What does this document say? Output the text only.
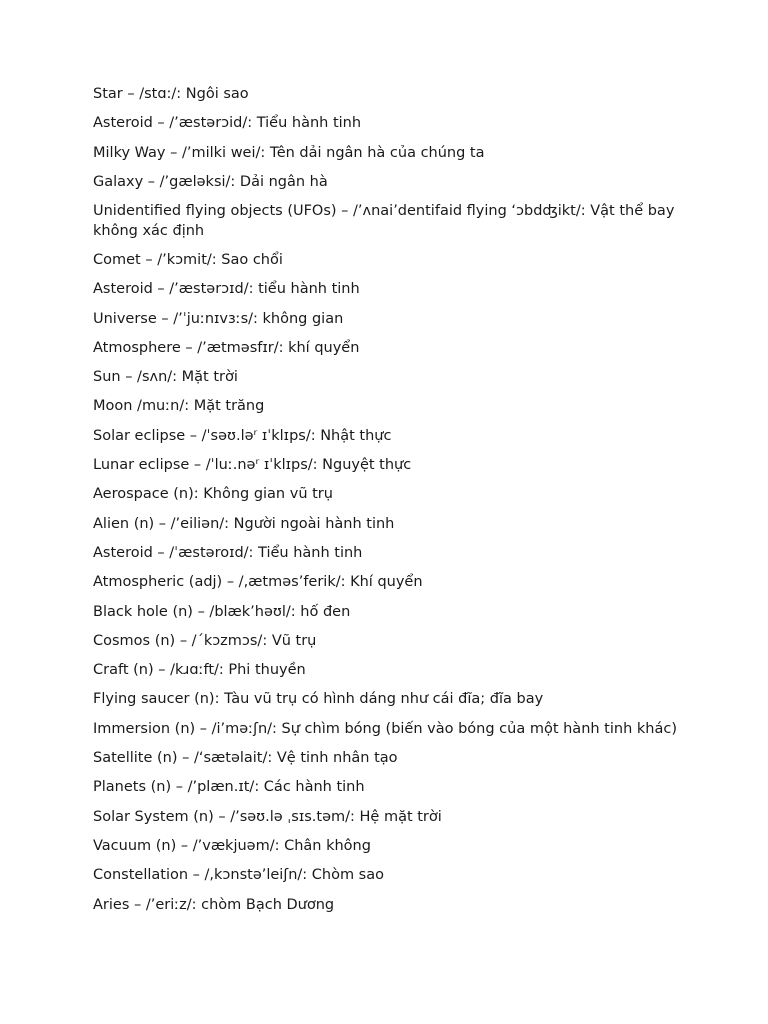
Star – /stɑ:/: Ngôi sao

Asteroid – /’æstərɔid/: Tiểu hành tinh

Milky Way – /’milki wei/: Tên dải ngân hà của chúng ta

Galaxy – /’gæləksi/: Dải ngân hà

Unidentified flying objects (UFOs) – /’ʌnai’dentifaid flying ‘ɔbdʤikt/: Vật thể bay không xác định

Comet – /’kɔmit/: Sao chổi

Asteroid – /’æstərɔɪd/: tiểu hành tinh

Universe – /’ˈjuːnɪvɜːs/: không gian

Atmosphere – /’ætməsfɪr/: khí quyển

Sun – /sʌn/: Mặt trời

Moon /muːn/: Mặt trăng

Solar eclipse – /ˈsəʊ.ləʳ ɪˈklɪps/: Nhật thực

Lunar eclipse – /ˈluː.nəʳ ɪˈklɪps/: Nguyệt thực

Aerospace (n): Không gian vũ trụ

Alien (n) – /’eiliən/: Người ngoài hành tinh

Asteroid – /ˈæstəroɪd/: Tiểu hành tinh

Atmospheric (adj) – /,ætməs’ferik/: Khí quyển

Black hole (n) – /blæk’həʊl/: hố đen

Cosmos (n) – /ˊkɔzmɔs/: Vũ trụ

Craft (n) – /kɹɑːft/: Phi thuyền

Flying saucer (n): Tàu vũ trụ có hình dáng như cái đĩa; đĩa bay

Immersion (n) – /i’məːʃn/: Sự chìm bóng (biến vào bóng của một hành tinh khác)

Satellite (n) – /‘sætəlait/: Vệ tinh nhân tạo

Planets (n) – /’plæn.ɪt/: Các hành tinh

Solar System (n) – /’səʊ.lə ˌsɪs.təm/: Hệ mặt trời

Vacuum (n) – /’vækjuəm/: Chân không

Constellation – /,kɔnstə’leiʃn/: Chòm sao

Aries – /’eriːz/: chòm Bạch Dương
